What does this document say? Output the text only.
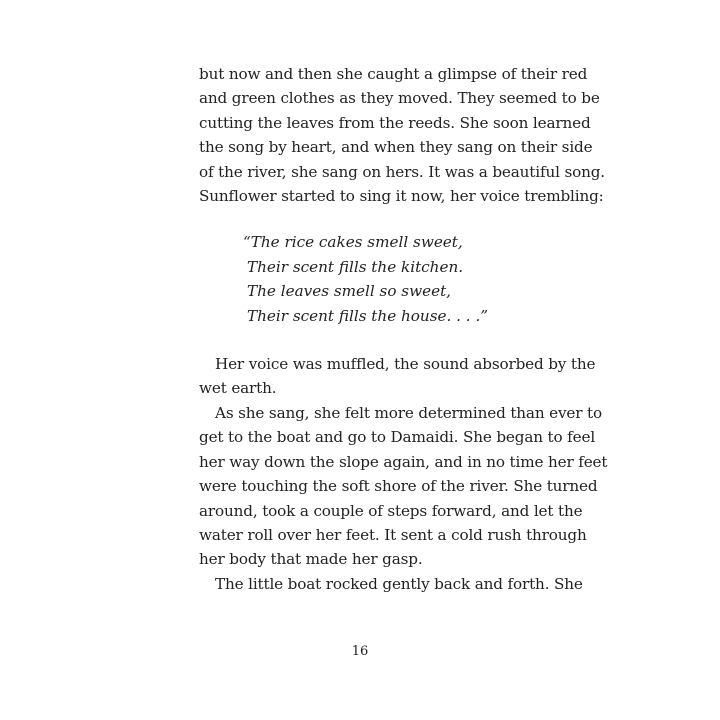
but now and then she caught a glimpse of their red
and green clothes as they moved. They seemed to be
cutting the leaves from the reeds. She soon learned
the song by heart, and when they sang on their side
of the river, she sang on hers. It was a beautiful song.
Sunflower started to sing it now, her voice trembling:

“The rice cakes smell sweet,
Their scent fills the kitchen.
The leaves smell so sweet,
Their scent fills the house. . . .”

Her voice was muffled, the sound absorbed by the
wet earth.

As she sang, she felt more determined than ever to
get to the boat and go to Damaidi. She began to feel
her way down the slope again, and in no time her feet
were touching the soft shore of the river. She turned
around, took a couple of steps forward, and let the
water roll over her feet. It sent a cold rush through
her body that made her gasp.

The little boat rocked gently back and forth. She

16
